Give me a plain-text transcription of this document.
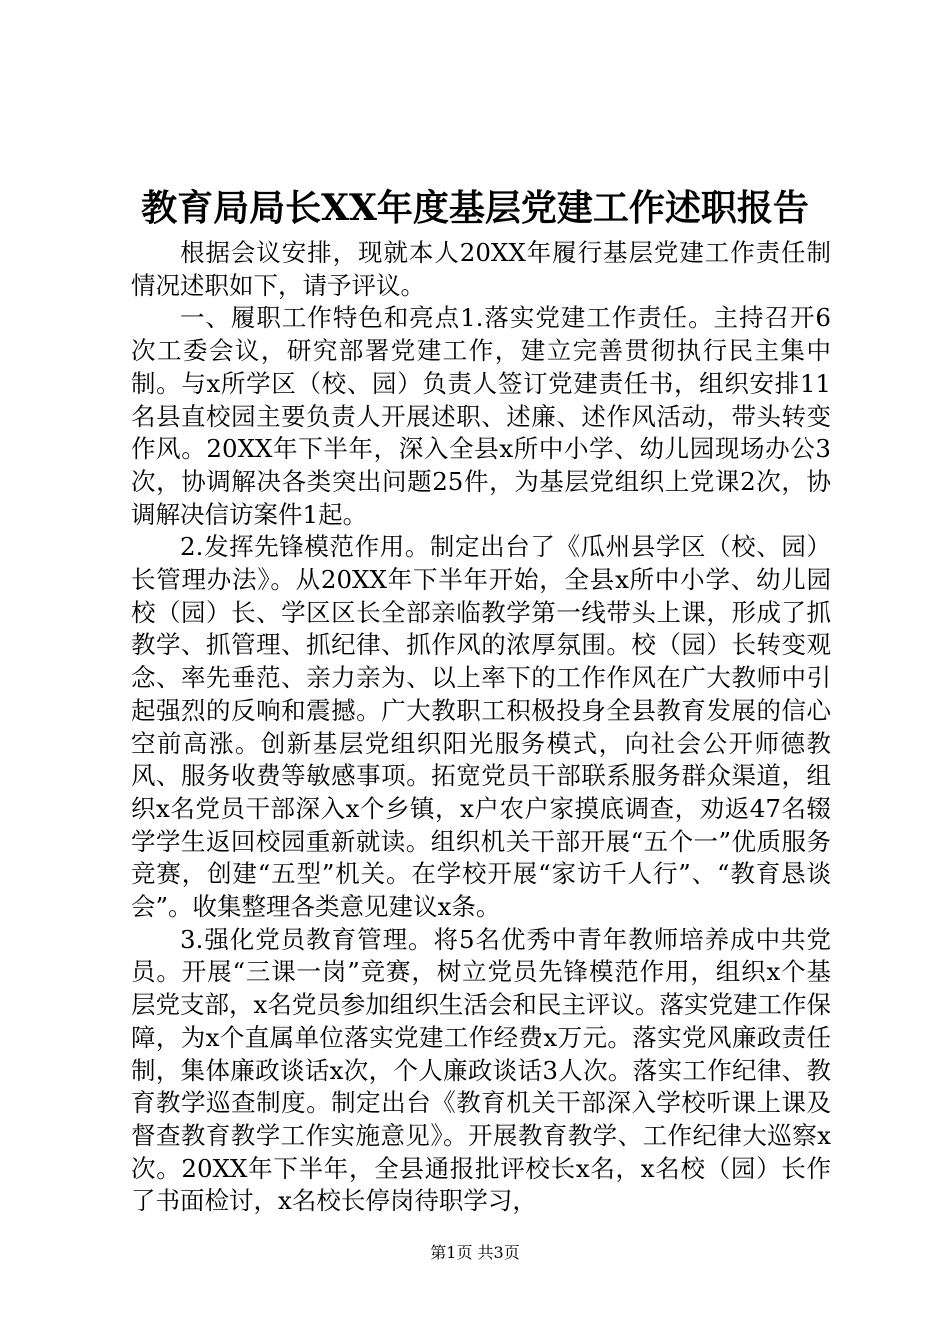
教育局局长XX年度基层党建工作述职报告

根据会议安排，现就本人20XX年履行基层党建工作责任制情况述职如下，请予评议。

一、履职工作特色和亮点1.落实党建工作责任。主持召开6次工委会议，研究部署党建工作，建立完善贯彻执行民主集中制。与x所学区（校、园）负责人签订党建责任书，组织安排11名县直校园主要负责人开展述职、述廉、述作风活动，带头转变作风。20XX年下半年，深入全县x所中小学、幼儿园现场办公3次，协调解决各类突出问题25件，为基层党组织上党课2次，协调解决信访案件1起。

2.发挥先锋模范作用。制定出台了《瓜州县学区（校、园）长管理办法》。从20XX年下半年开始，全县x所中小学、幼儿园校（园）长、学区区长全部亲临教学第一线带头上课，形成了抓教学、抓管理、抓纪律、抓作风的浓厚氛围。校（园）长转变观念、率先垂范、亲力亲为、以上率下的工作作风在广大教师中引起强烈的反响和震撼。广大教职工积极投身全县教育发展的信心空前高涨。创新基层党组织阳光服务模式，向社会公开师德教风、服务收费等敏感事项。拓宽党员干部联系服务群众渠道，组织x名党员干部深入x个乡镇，x户农户家摸底调查，劝返47名辍学学生返回校园重新就读。组织机关干部开展“五个一”优质服务竞赛，创建“五型”机关。在学校开展“家访千人行”、“教育恳谈会”。收集整理各类意见建议x条。

3.强化党员教育管理。将5名优秀中青年教师培养成中共党员。开展“三课一岗”竞赛，树立党员先锋模范作用，组织x个基层党支部，x名党员参加组织生活会和民主评议。落实党建工作保障，为x个直属单位落实党建工作经费x万元。落实党风廉政责任制，集体廉政谈话x次，个人廉政谈话3人次。落实工作纪律、教育教学巡查制度。制定出台《教育机关干部深入学校听课上课及督查教育教学工作实施意见》。开展教育教学、工作纪律大巡察x次。20XX年下半年，全县通报批评校长x名，x名校（园）长作了书面检讨，x名校长停岗待职学习，

第1页 共3页
